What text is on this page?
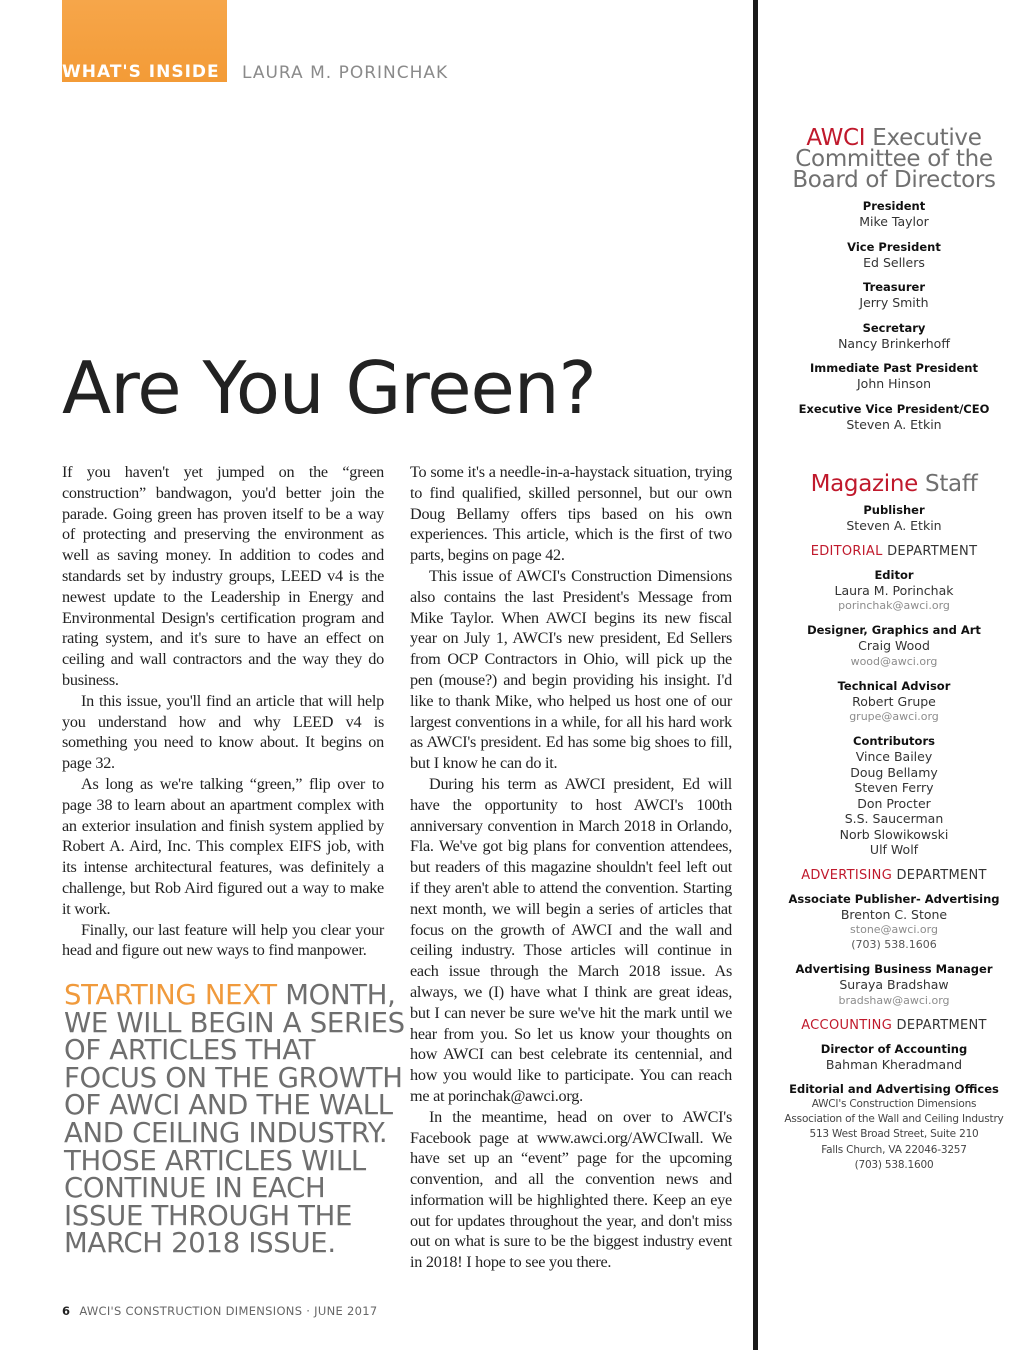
WHAT'S INSIDE LAURA M. PORINCHAK

Are You Green?

If you haven't yet jumped on the “green construction” bandwagon, you'd better join the parade. Going green has proven itself to be a way of protecting and preserving the environment as well as saving money. In addition to codes and standards set by industry groups, LEED v4 is the newest update to the Leadership in Energy and Environmental Design's certification program and rating system, and it's sure to have an effect on ceiling and wall contractors and the way they do business.

In this issue, you'll find an article that will help you understand how and why LEED v4 is something you need to know about. It begins on page 32.

As long as we're talking “green,” flip over to page 38 to learn about an apartment complex with an exterior insulation and finish system applied by Robert A. Aird, Inc. This complex EIFS job, with its intense architectural features, was definitely a challenge, but Rob Aird figured out a way to make it work.

Finally, our last feature will help you clear your head and figure out new ways to find manpower.

To some it's a needle-in-a-haystack situation, trying to find qualified, skilled personnel, but our own Doug Bellamy offers tips based on his own experiences. This article, which is the first of two parts, begins on page 42.

This issue of AWCI's Construction Dimensions also contains the last President's Message from Mike Taylor. When AWCI begins its new fiscal year on July 1, AWCI's new president, Ed Sellers from OCP Contractors in Ohio, will pick up the pen (mouse?) and begin providing his insight. I'd like to thank Mike, who helped us host one of our largest conventions in a while, for all his hard work as AWCI's president. Ed has some big shoes to fill, but I know he can do it.

During his term as AWCI president, Ed will have the opportunity to host AWCI's 100th anniversary convention in March 2018 in Orlando, Fla. We've got big plans for convention attendees, but readers of this magazine shouldn't feel left out if they aren't able to attend the convention. Starting next month, we will begin a series of articles that focus on the growth of AWCI and the wall and ceiling industry. Those articles will continue in each issue through the March 2018 issue. As always, we (I) have what I think are great ideas, but I can never be sure we've hit the mark until we hear from you. So let us know your thoughts on how AWCI can best celebrate its centennial, and how you would like to participate. You can reach me at porinchak@awci.org.

In the meantime, head on over to AWCI's Facebook page at www.awci.org/AWCIwall. We have set up an “event” page for the upcoming convention, and all the convention news and information will be highlighted there. Keep an eye out for updates throughout the year, and don't miss out on what is sure to be the biggest industry event in 2018! I hope to see you there.

STARTING NEXT MONTH, WE WILL BEGIN A SERIES OF ARTICLES THAT FOCUS ON THE GROWTH OF AWCI AND THE WALL AND CEILING INDUSTRY. THOSE ARTICLES WILL CONTINUE IN EACH ISSUE THROUGH THE MARCH 2018 ISSUE.

6 AWCI'S CONSTRUCTION DIMENSIONS · JUNE 2017
AWCI Executive Committee of the Board of Directors

President

Mike Taylor

Vice President

Ed Sellers

Treasurer

Jerry Smith

Secretary

Nancy Brinkerhoff

Immediate Past President

John Hinson

Executive Vice President/CEO

Steven A. Etkin

Magazine Staff

Publisher

Steven A. Etkin

EDITORIAL DEPARTMENT

Editor

Laura M. Porinchak

porinchak@awci.org

Designer, Graphics and Art

Craig Wood

wood@awci.org

Technical Advisor

Robert Grupe

grupe@awci.org

Contributors

Vince Bailey

Doug Bellamy

Steven Ferry

Don Procter

S.S. Saucerman

Norb Slowikowski

Ulf Wolf

ADVERTISING DEPARTMENT

Associate Publisher- Advertising

Brenton C. Stone

stone@awci.org

(703) 538.1606

Advertising Business Manager

Suraya Bradshaw

bradshaw@awci.org

ACCOUNTING DEPARTMENT

Director of Accounting

Bahman Kheradmand

Editorial and Advertising Offices

AWCI's Construction Dimensions

Association of the Wall and Ceiling Industry

513 West Broad Street, Suite 210

Falls Church, VA 22046-3257

(703) 538.1600
